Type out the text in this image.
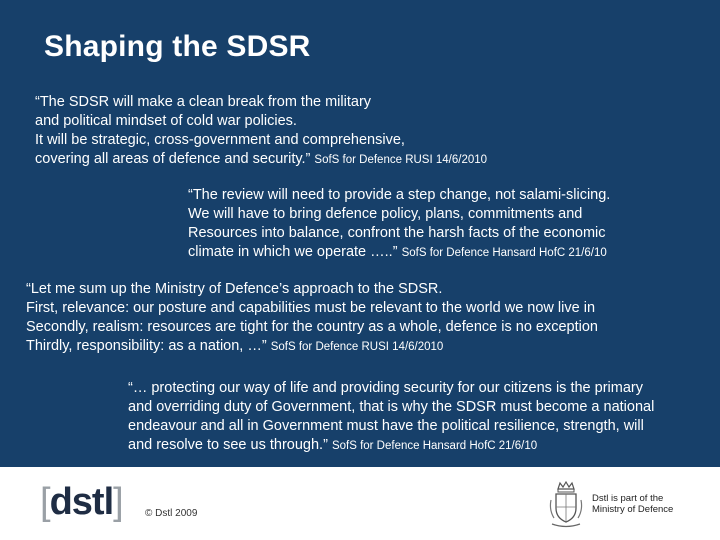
Shaping the SDSR

“The SDSR will make a clean break from the military
and political mindset of cold war policies.
It will be strategic, cross-government and comprehensive,
covering all areas of defence and security.” SofS for Defence RUSI 14/6/2010

“The review will need to provide a step change, not salami-slicing.
We will have to bring defence policy, plans, commitments and
Resources into balance, confront the harsh facts of the economic
climate in which we operate …..” SofS for Defence Hansard HofC 21/6/10

“Let me sum up the Ministry of Defence’s approach to the SDSR.
First, relevance: our posture and capabilities must be relevant to the world we now live in
Secondly, realism: resources are tight for the country as a whole, defence is no exception
Thirdly, responsibility: as a nation, …” SofS for Defence RUSI 14/6/2010

“… protecting our way of life and providing security for our citizens is the primary
and overriding duty of Government, that is why the SDSR must become a national
endeavour and all in Government must have the political resilience, strength, will
and resolve to see us through.” SofS for Defence Hansard HofC 21/6/10

[dstl] © Dstl 2009
Dstl is part of the
Ministry of Defence
